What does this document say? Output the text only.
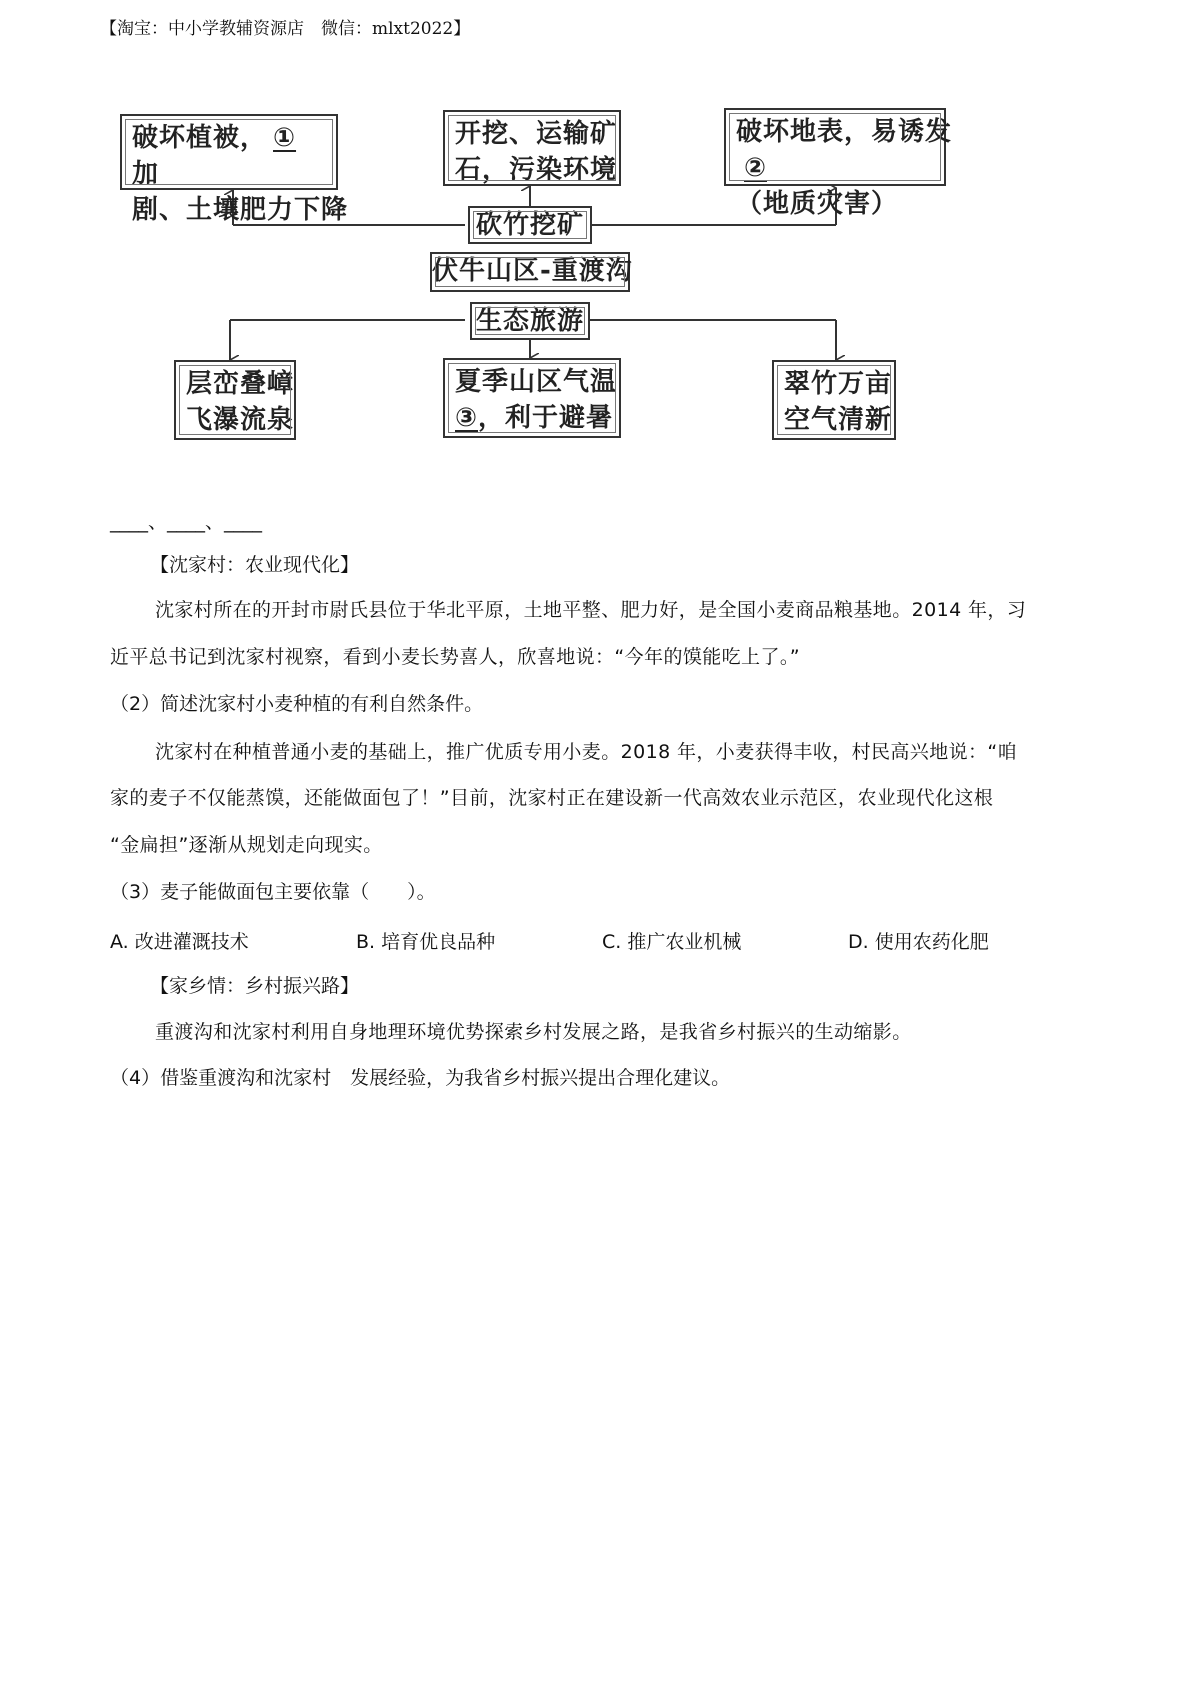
【淘宝：中小学教辅资源店　微信：mlxt2022】
破坏植被， ①加
剧、土壤肥力下降
开挖、运输矿
石，污染环境
破坏地表，易诱发
②（地质灾害）
砍竹挖矿
伏牛山区-重渡沟
生态旅游
层峦叠嶂
飞瀑流泉
夏季山区气温
③，利于避暑
翠竹万亩
空气清新
____、____、____
【沈家村：农业现代化】
沈家村所在的开封市尉氏县位于华北平原，土地平整、肥力好，是全国小麦商品粮基地。2014 年，习
近平总书记到沈家村视察，看到小麦长势喜人，欣喜地说：“今年的馍能吃上了。”
（2）简述沈家村小麦种植的有利自然条件。
沈家村在种植普通小麦的基础上，推广优质专用小麦。2018 年，小麦获得丰收，村民高兴地说：“咱
家的麦子不仅能蒸馍，还能做面包了！”目前，沈家村正在建设新一代高效农业示范区，农业现代化这根
“金扁担”逐渐从规划走向现实。
（3）麦子能做面包主要依靠（　　）。
A. 改进灌溉技术	B. 培育优良品种	C. 推广农业机械	D. 使用农药化肥
【家乡情：乡村振兴路】
重渡沟和沈家村利用自身地理环境优势探索乡村发展之路，是我省乡村振兴的生动缩影。
（4）借鉴重渡沟和沈家村　发展经验，为我省乡村振兴提出合理化建议。
